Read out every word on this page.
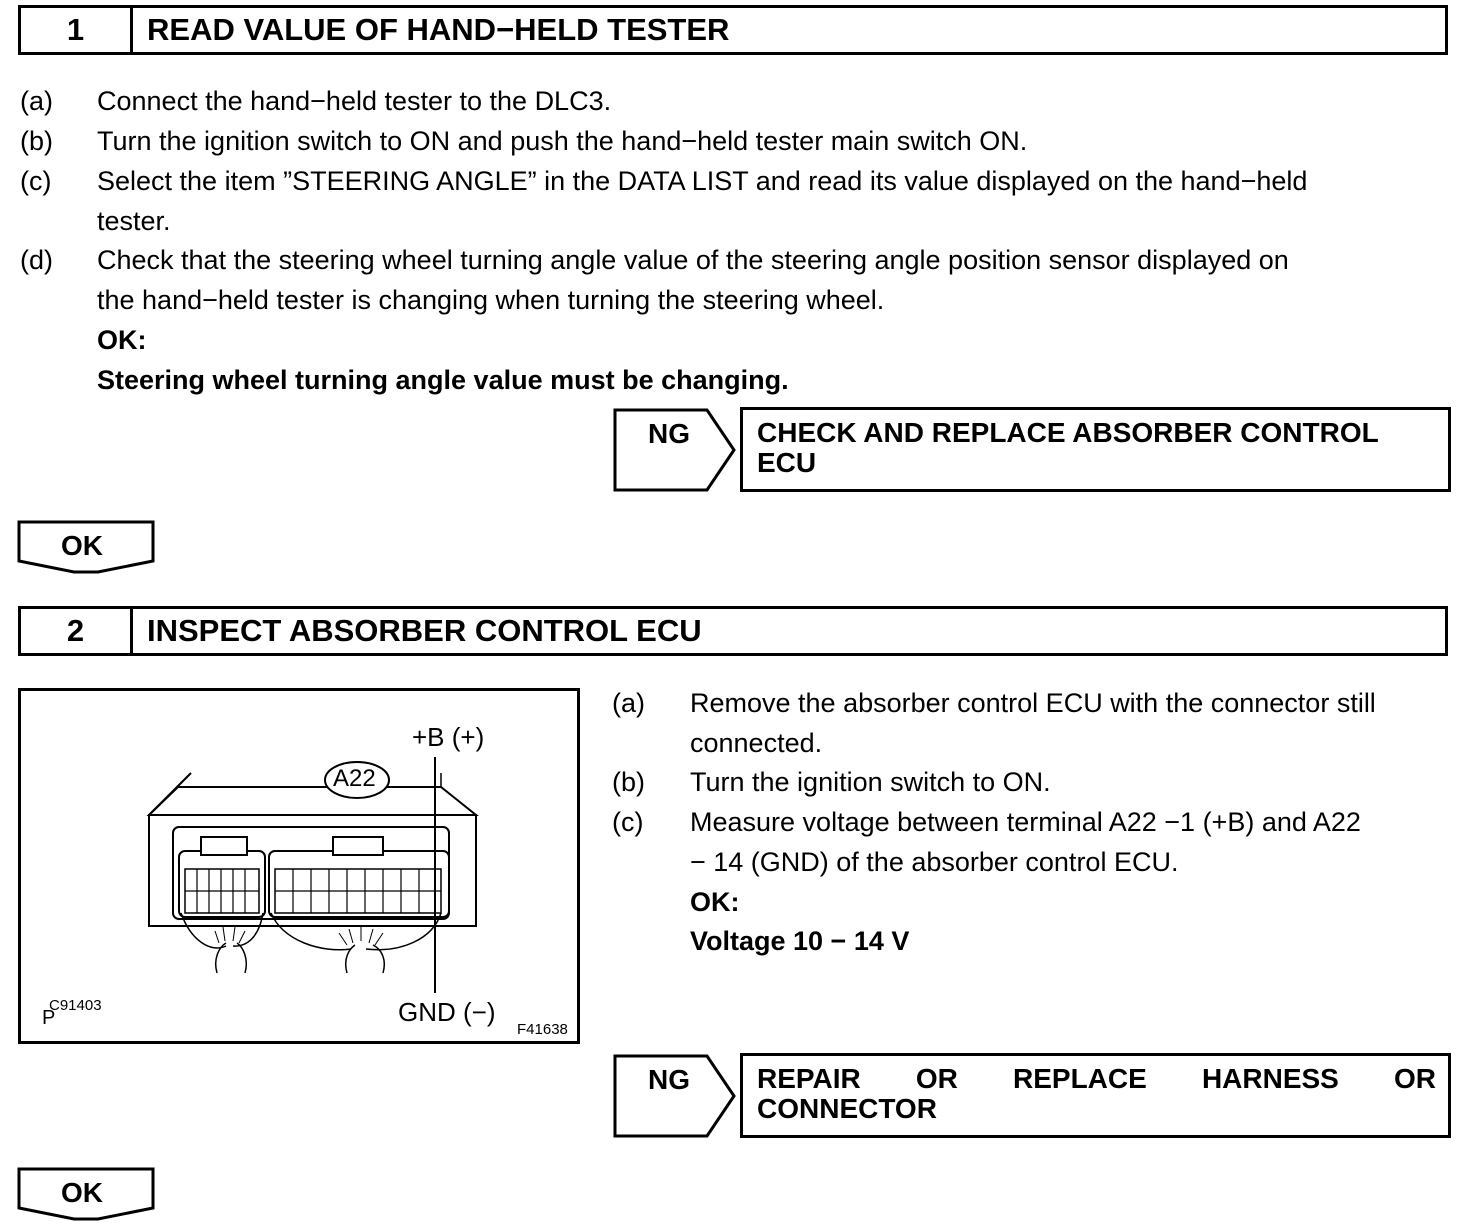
1	READ VALUE OF HAND−HELD TESTER
(a) Connect the hand−held tester to the DLC3.
(b) Turn the ignition switch to ON and push the hand−held tester main switch ON.
(c) Select the item ”STEERING ANGLE” in the DATA LIST and read its value displayed on the hand−held
tester.
(d) Check that the steering wheel turning angle value of the steering angle position sensor displayed on
the hand−held tester is changing when turning the steering wheel.
OK:
Steering wheel turning angle value must be changing.
NG CHECK AND REPLACE ABSORBER CONTROL
ECU
OK
2	INSPECT ABSORBER CONTROL ECU
+B (+)
A22
GND (−)
P
C91403
F41638
(a) Remove the absorber control ECU with the connector still
connected.
(b) Turn the ignition switch to ON.
(c) Measure voltage between terminal A22 −1 (+B) and A22
− 14 (GND) of the absorber control ECU.
OK:
Voltage 10 − 14 V
NG REPAIR OR REPLACE HARNESS OR
CONNECTOR
OK
